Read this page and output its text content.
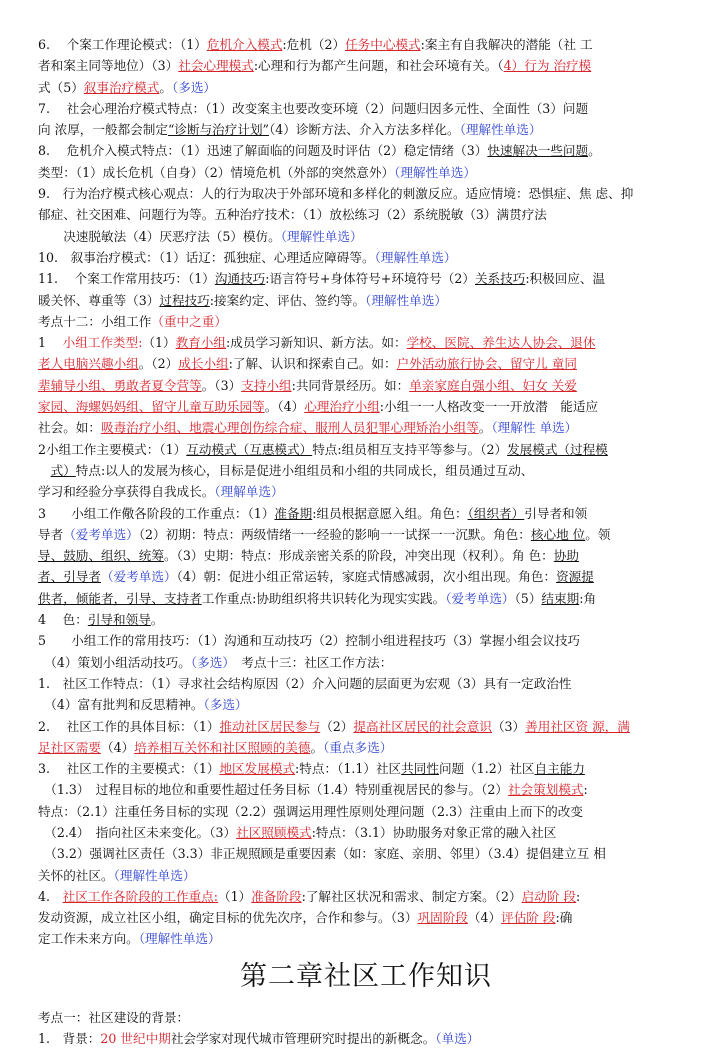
6.　 个案工作理论模式：（1）危机介入模式:危机（2）任务中心模式:案主有自我解决的潜能（社 工

者和案主同等地位）（3）社会心理模式:心理和行为都产生问题，和社会环境有关。（4）行为 治疗模

式（5）叙事治疗模式。（多选）

7.　 社会心理治疗模式特点：（1）改变案主也要改变环境（2）问题归因多元性、全面性（3）问题

向 浓厚，一般都会制定“诊断与治疗计划”（4）诊断方法、介入方法多样化。（理解性单选）

8.　 危机介入模式特点：（1）迅速了解面临的问题及时评估（2）稳定情绪（3）快速解决一些问题。

类型：（1）成长危机（自身）（2）情境危机（外部的突然意外）（理解性单选）

9.　行为治疗模式核心观点：人的行为取决于外部环境和多样化的刺激反应。适应情境：恐惧症、焦 虑、抑

郁症、社交困难、问题行为等。五种治疗技术：（1）放松练习（2）系统脱敏（3）满贯疗法

　　决速脱敏法（4）厌恶疗法（5）模仿。（理解性单选）

10.　叙事治疗模式：（1）话辽：孤独症、心理适应障碍等。（理解性单选）

11.　 个案工作常用技巧：（1）沟通技巧:语言符号+身体符号+环境符号（2）关系技巧:积极回应、温

暖关怀、尊重等（3）过程技巧:接案约定、评估、签约等。（理解性单选）

考点十二：小组工作（重中之重）

1　 小组工作类型:（1）教育小组:成员学习新知识、新方法。如：学校、医院、养生达人协会、退休

老人电脑兴趣小组。（2）成长小组:了解、认识和探索自己。如：户外活动旅行协会、留守儿 童同

辈辅导小组、勇敢者夏令营等。（3）支持小组:共同背景经历。如：单亲家庭自强小组、妇女 关爱

家园、海螺妈妈组、留守儿童互助乐园等。（4）心理治疗小组:小组一一人格改变一一开放潜　能适应

社会。如：吸毒治疗小组、地震心理创伤综合症、服刑人员犯罪心理矫治小组等。（理解性 单选）

2小组工作主要模式：（1）互动模式（互惠模式）特点:组员相互支持平等参与。（2）发展模式（过程模

　式）特点:以人的发展为核心，目标是促进小组组员和小组的共同成长，组员通过互动、

学习和经验分享获得自我成长。（理解单选）

3　　小组工作儆各阶段的工作重点：（1）准备期:组员根据意愿入组。角色：（组织者）引导者和领

导者（爱考单选）（2）初期：特点：两级情绪一一经验的影响一一试探一一沉默。角色：核心地 位。领

导、鼓励、组织、统筹。（3）史期：特点：形成亲密关系的阶段，冲突出现（权利）。角 色：协助

者、引导者（爱考单选）（4）朝：促进小组正常运转，家庭式情感减弱，次小组出现。角色：资源提

供者，倾能者，引导、支持者工作重点:协助组织将共识转化为现实实践。（爱考单选）（5）结束期:角

4　 色：引导和领导。

5　　小组工作的常用技巧：（1）沟通和互动技巧（2）控制小组进程技巧（3）掌握小组会议技巧

　（4）策划小组活动技巧。（多选）　考点十三：社区工作方法：

1.　社区工作特点：（1）寻求社会结构原因（2）介入问题的层面更为宏观（3）具有一定政治性

　（4）富有批判和反思精神。（多选）

2.　 社区工作的具体目标：（1）推动社区居民参与（2）提高社区居民的社会意识（3）善用社区资 源，满

足社区需要（4）培养相互关怀和社区照顾的美德。（重点多选）

3.　 社区工作的主要模式：（1）地区发展模式:特点：（1.1）社区共同性问题（1.2）社区自主能力

　（1.3）　过程目标的地位和重要性超过任务目标（1.4）特别重视居民的参与。（2）社会策划模式:

特点：（2.1）注重任务目标的实现（2.2）强调运用理性原则处理问题（2.3）注重由上而下的改变

　（2.4）　指向社区未来变化。（3）社区照顾模式:特点：（3.1）协助服务对象正常的融入社区

　（3.2）强调社区责任（3.3）非正规照顾是重要因素（如：家庭、亲朋、邻里）（3.4）提倡建立互 相

关怀的社区。（理解性单选）

4.　社区工作各阶段的工作重点:（1）准备阶段:了解社区状况和需求、制定方案。（2）启动阶 段:

发动资源，成立社区小组，确定目标的优先次序，合作和参与。（3）巩固阶段（4）评估阶 段:确

定工作未来方向。（理解性单选）

第二章社区工作知识

考点一：社区建设的背景：

1.　背景：20 世纪中期社会学家对现代城市管理研究时提出的新概念。（单选）
